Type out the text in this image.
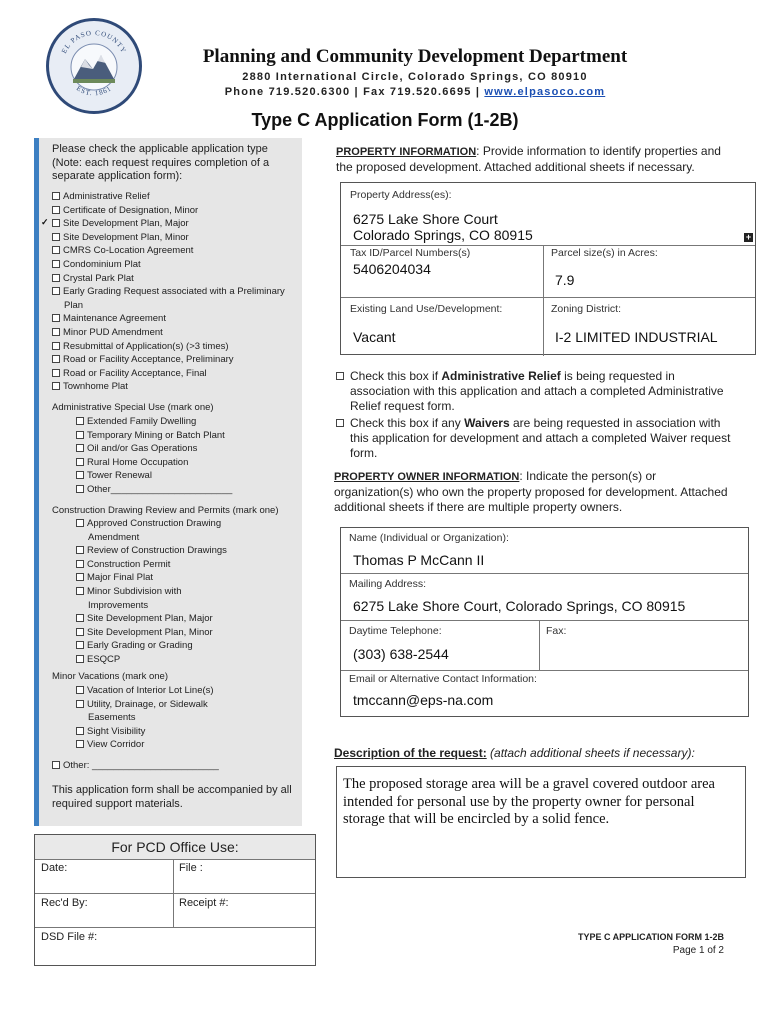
EL PASO COUNTY
EST. 1861
Planning and Community Development Department
2880 International Circle, Colorado Springs, CO 80910
Phone 719.520.6300 | Fax 719.520.6695 | www.elpasoco.com
Type C Application Form (1-2B)
Please check the applicable application type (Note: each request requires completion of a separate application form):
Administrative Relief
Certificate of Designation, Minor
✓Site Development Plan, Major
Site Development Plan, Minor
CMRS Co-Location Agreement
Condominium Plat
Crystal Park Plat
Early Grading Request associated with a Preliminary Plan
Maintenance Agreement
Minor PUD Amendment
Resubmittal of Application(s) (>3 times)
Road or Facility Acceptance, Preliminary
Road or Facility Acceptance, Final
Townhome Plat
Administrative Special Use (mark one)
Extended Family Dwelling
Temporary Mining or Batch Plant
Oil and/or Gas Operations
Rural Home Occupation
Tower Renewal
Other_______________________
Construction Drawing Review and Permits (mark one)
Approved Construction Drawing Amendment
Review of Construction Drawings
Construction Permit
Major Final Plat
Minor Subdivision with Improvements
Site Development Plan, Major
Site Development Plan, Minor
Early Grading or Grading
ESQCP
Minor Vacations (mark one)
Vacation of Interior Lot Line(s)
Utility, Drainage, or Sidewalk Easements
Sight Visibility
View Corridor
Other: ________________________
This application form shall be accompanied by all required support materials.
For PCD Office Use:
Date:	File :
Rec'd By:	Receipt #:
DSD File #:
PROPERTY INFORMATION: Provide information to identify properties and the proposed development. Attached additional sheets if necessary.
Property Address(es):
6275 Lake Shore Court
Colorado Springs, CO 80915	+
Tax ID/Parcel Numbers(s)
5406204034
Parcel size(s) in Acres:
7.9
Existing Land Use/Development:
Vacant
Zoning District:
I-2 LIMITED INDUSTRIAL
Check this box if Administrative Relief is being requested in association with this application and attach a completed Administrative Relief request form.
Check this box if any Waivers are being requested in association with this application for development and attach a completed Waiver request form.
PROPERTY OWNER INFORMATION: Indicate the person(s) or organization(s) who own the property proposed for development. Attached additional sheets if there are multiple property owners.
Name (Individual or Organization):
Thomas P McCann II
Mailing Address:
6275 Lake Shore Court, Colorado Springs, CO 80915
Daytime Telephone:
(303) 638-2544
Fax:
Email or Alternative Contact Information:
tmccann@eps-na.com
Description of the request: (attach additional sheets if necessary):
The proposed storage area will be a gravel covered outdoor area intended for personal use by the property owner for personal storage that will be encircled by a solid fence.
TYPE C APPLICATION FORM 1-2B
Page 1 of 2
